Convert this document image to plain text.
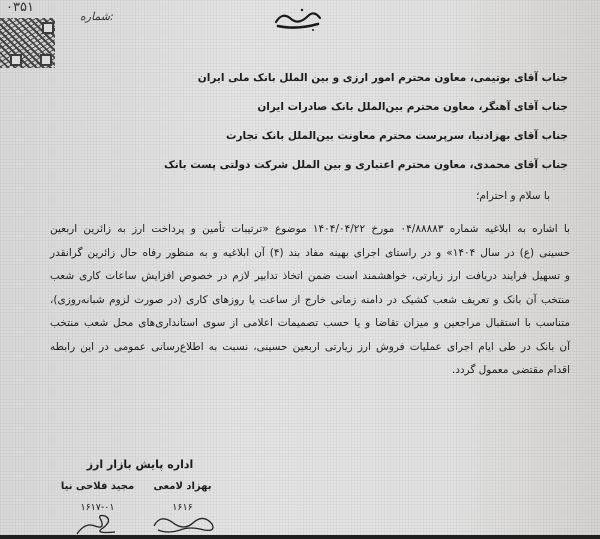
۰۳۵۱
شماره:
جناب آقای بوتیمی، معاون محترم امور ارزی و بین الملل بانک ملی ایران
جناب آقای آهنگر، معاون محترم بین‌الملل بانک صادرات ایران
جناب آقای بهزادنیا، سرپرست محترم معاونت بین‌الملل بانک تجارت
جناب آقای محمدی، معاون محترم اعتباری و بین الملل شرکت دولتی پست بانک
با سلام و احترام؛
با اشاره به ابلاغیه شماره ۰۴/۸۸۸۸۳ مورخ ۱۴۰۴/۰۴/۲۲ موضوع «ترتیبات تأمین و پرداخت ارز به زائرین اربعین
حسینی (ع) در سال ۱۴۰۴» و در راستای اجرای بهینه مفاد بند (۴) آن ابلاغیه و به منظور رفاه حال زائرین گرانقدر
و تسهیل فرایند دریافت ارز زیارتی، خواهشمند است ضمن اتخاذ تدابیر لازم در خصوص افزایش ساعات کاری شعب
منتخب آن بانک و تعریف شعب کشیک در دامنه زمانی خارج از ساعت یا روزهای کاری (در صورت لزوم شبانه‌روزی)،
متناسب با استقبال مراجعین و میزان تقاضا و یا حسب تصمیمات اعلامی از سوی استانداری‌های محل شعب منتخب
آن بانک در طی ایام اجرای عملیات فروش ارز زیارتی اربعین حسینی، نسبت به اطلاع‌رسانی عمومی در این رابطه
اقدام مقتضی معمول گردد.
اداره پایش بازار ارز
بهزاد لامعی
۱۶۱۶
مجید فلاحی نیا
۱۶۱۷-۰۱
